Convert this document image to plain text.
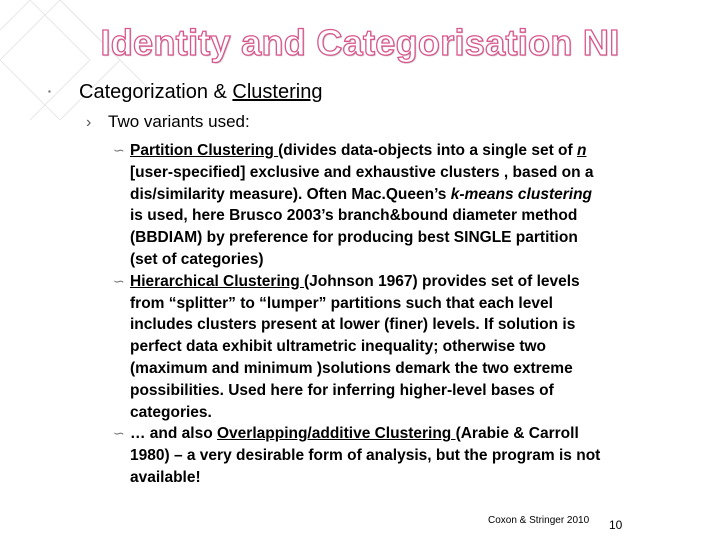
Identity and Categorisation NI
▪ Categorization & Clustering
› Two variants used:
∽ Partition Clustering (divides data-objects into a single set of n
[user-specified] exclusive and exhaustive clusters , based on a
dis/similarity measure). Often Mac.Queen’s k-means clustering
is used, here Brusco 2003’s branch&bound diameter method
(BBDIAM) by preference for producing best SINGLE partition
(set of categories)
∽ Hierarchical Clustering (Johnson 1967) provides set of levels
from “splitter” to “lumper” partitions such that each level
includes clusters present at lower (finer) levels. If solution is
perfect data exhibit ultrametric inequality; otherwise two
(maximum and minimum )solutions demark the two extreme
possibilities. Used here for inferring higher-level bases of
categories.
∽ … and also Overlapping/additive Clustering (Arabie & Carroll
1980) – a very desirable form of analysis, but the program is not
available!
Coxon & Stringer 2010 10
